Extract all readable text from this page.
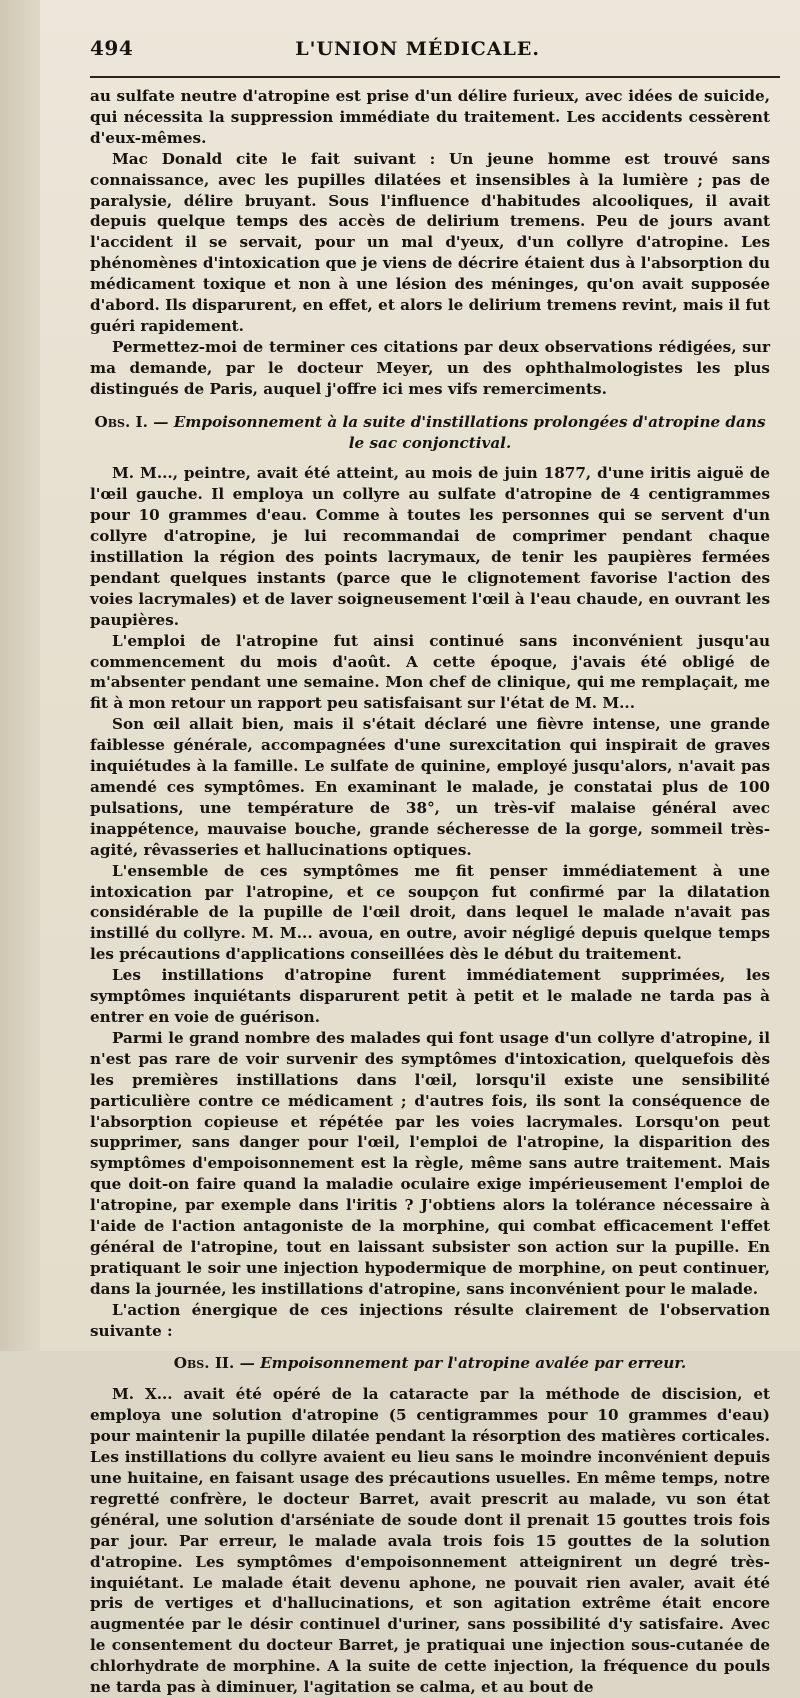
494	L'UNION MÉDICALE.

au sulfate neutre d'atropine est prise d'un délire furieux, avec idées de suicide, qui nécessita la suppression immédiate du traitement. Les accidents cessèrent d'eux-mêmes.

Mac Donald cite le fait suivant : Un jeune homme est trouvé sans connaissance, avec les pupilles dilatées et insensibles à la lumière ; pas de paralysie, délire bruyant. Sous l'influence d'habitudes alcooliques, il avait depuis quelque temps des accès de delirium tremens. Peu de jours avant l'accident il se servait, pour un mal d'yeux, d'un collyre d'atropine. Les phénomènes d'intoxication que je viens de décrire étaient dus à l'absorption du médicament toxique et non à une lésion des méninges, qu'on avait supposée d'abord. Ils disparurent, en effet, et alors le delirium tremens revint, mais il fut guéri rapidement.

Permettez-moi de terminer ces citations par deux observations rédigées, sur ma demande, par le docteur Meyer, un des ophthalmologistes les plus distingués de Paris, auquel j'offre ici mes vifs remerciments.

Obs. I. — Empoisonnement à la suite d'instillations prolongées d'atropine dans le sac conjonctival.

M. M..., peintre, avait été atteint, au mois de juin 1877, d'une iritis aiguë de l'œil gauche. Il employa un collyre au sulfate d'atropine de 4 centigrammes pour 10 grammes d'eau. Comme à toutes les personnes qui se servent d'un collyre d'atropine, je lui recommandai de comprimer pendant chaque instillation la région des points lacrymaux, de tenir les paupières fermées pendant quelques instants (parce que le clignotement favorise l'action des voies lacrymales) et de laver soigneusement l'œil à l'eau chaude, en ouvrant les paupières.

L'emploi de l'atropine fut ainsi continué sans inconvénient jusqu'au commencement du mois d'août. A cette époque, j'avais été obligé de m'absenter pendant une semaine. Mon chef de clinique, qui me remplaçait, me fit à mon retour un rapport peu satisfaisant sur l'état de M. M...

Son œil allait bien, mais il s'était déclaré une fièvre intense, une grande faiblesse générale, accompagnées d'une surexcitation qui inspirait de graves inquiétudes à la famille. Le sulfate de quinine, employé jusqu'alors, n'avait pas amendé ces symptômes. En examinant le malade, je constatai plus de 100 pulsations, une température de 38°, un très-vif malaise général avec inappétence, mauvaise bouche, grande sécheresse de la gorge, sommeil très-agité, rêvasseries et hallucinations optiques.

L'ensemble de ces symptômes me fit penser immédiatement à une intoxication par l'atropine, et ce soupçon fut confirmé par la dilatation considérable de la pupille de l'œil droit, dans lequel le malade n'avait pas instillé du collyre. M. M... avoua, en outre, avoir négligé depuis quelque temps les précautions d'applications conseillées dès le début du traitement.

Les instillations d'atropine furent immédiatement supprimées, les symptômes inquiétants disparurent petit à petit et le malade ne tarda pas à entrer en voie de guérison.

Parmi le grand nombre des malades qui font usage d'un collyre d'atropine, il n'est pas rare de voir survenir des symptômes d'intoxication, quelquefois dès les premières instillations dans l'œil, lorsqu'il existe une sensibilité particulière contre ce médicament ; d'autres fois, ils sont la conséquence de l'absorption copieuse et répétée par les voies lacrymales. Lorsqu'on peut supprimer, sans danger pour l'œil, l'emploi de l'atropine, la disparition des symptômes d'empoisonnement est la règle, même sans autre traitement. Mais que doit-on faire quand la maladie oculaire exige impérieusement l'emploi de l'atropine, par exemple dans l'iritis ? J'obtiens alors la tolérance nécessaire à l'aide de l'action antagoniste de la morphine, qui combat efficacement l'effet général de l'atropine, tout en laissant subsister son action sur la pupille. En pratiquant le soir une injection hypodermique de morphine, on peut continuer, dans la journée, les instillations d'atropine, sans inconvénient pour le malade.

L'action énergique de ces injections résulte clairement de l'observation suivante :

Obs. II. — Empoisonnement par l'atropine avalée par erreur.

M. X... avait été opéré de la cataracte par la méthode de discision, et employa une solution d'atropine (5 centigrammes pour 10 grammes d'eau) pour maintenir la pupille dilatée pendant la résorption des matières corticales. Les instillations du collyre avaient eu lieu sans le moindre inconvénient depuis une huitaine, en faisant usage des précautions usuelles. En même temps, notre regretté confrère, le docteur Barret, avait prescrit au malade, vu son état général, une solution d'arséniate de soude dont il prenait 15 gouttes trois fois par jour. Par erreur, le malade avala trois fois 15 gouttes de la solution d'atropine. Les symptômes d'empoisonnement atteignirent un degré très-inquiétant. Le malade était devenu aphone, ne pouvait rien avaler, avait été pris de vertiges et d'hallucinations, et son agitation extrême était encore augmentée par le désir continuel d'uriner, sans possibilité d'y satisfaire. Avec le consentement du docteur Barret, je pratiquai une injection sous-cutanée de chlorhydrate de morphine. A la suite de cette injection, la fréquence du pouls ne tarda pas à diminuer, l'agitation se calma, et au bout de
